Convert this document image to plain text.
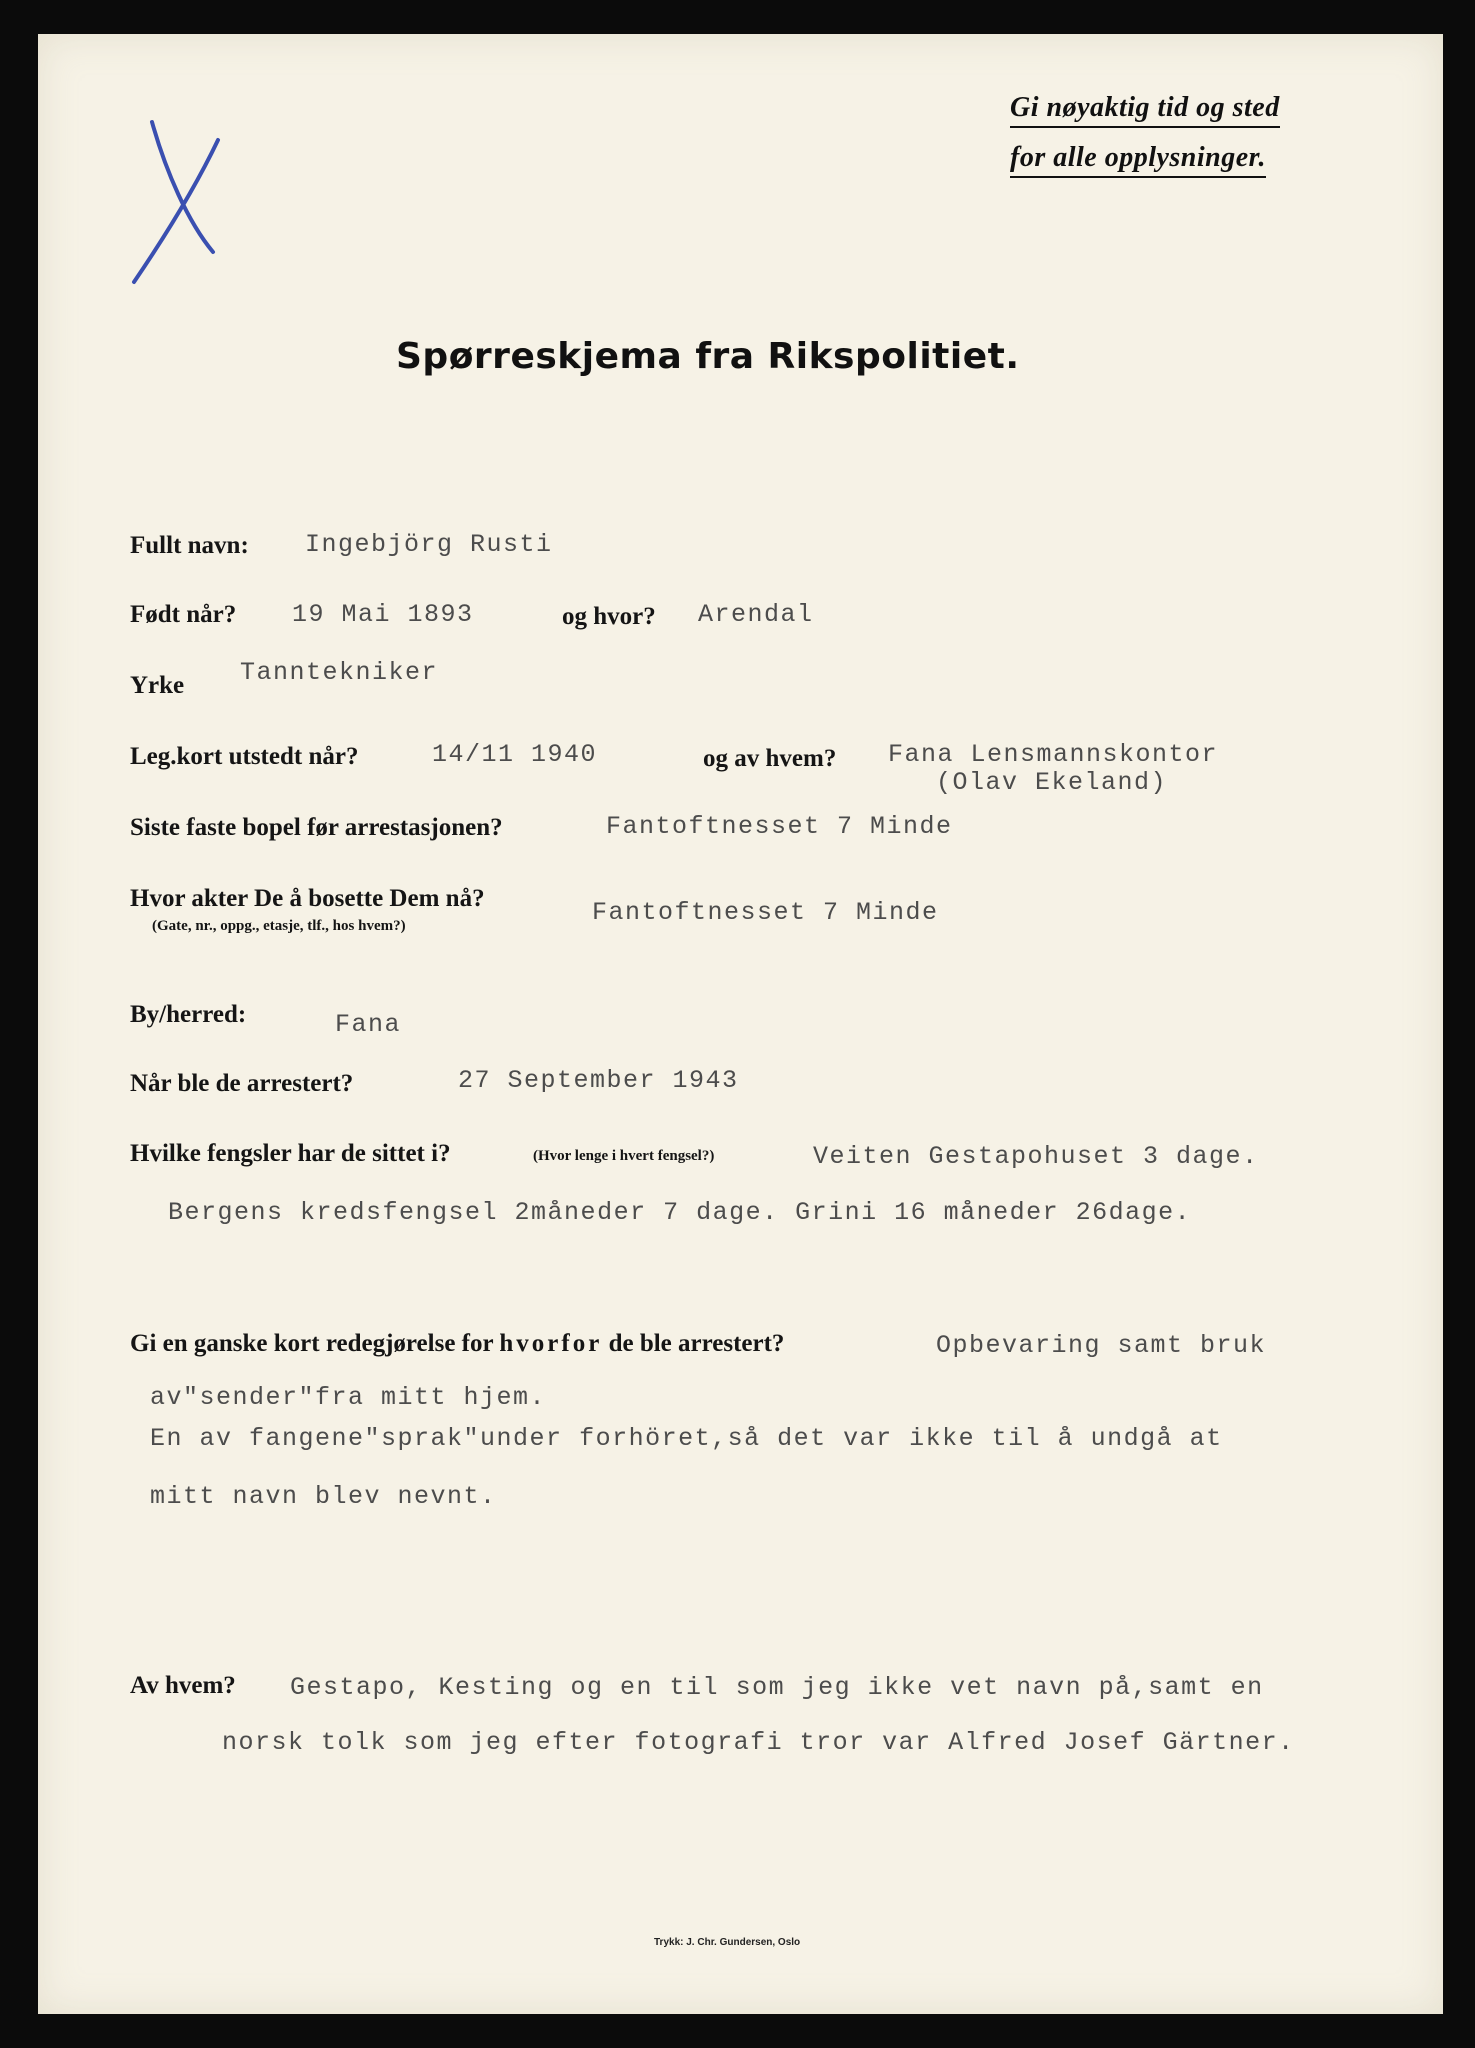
Gi nøyaktig tid og sted
for alle opplysninger.
Spørreskjema fra Rikspolitiet.
Fullt navn: Ingebjörg Rusti
Født når? 19 Mai 1893	og hvor? Arendal
Yrke Tannteknike​r
Leg.kort utstedt når?	14/11 1940	og av hvem? Fana Lensmannskontor
(Olav Ekeland)
Siste faste bopel før arrestasjonen?	Fantoftnesset 7 Minde
Hvor akter De å bosette Dem nå?
(Gate, nr., oppg., etasje, tlf., hos hvem?)	Fantoftnesset 7 Minde
By/herred:	Fana
Når ble de arrestert?	27 September 1943
Hvilke fengsler har de sittet i?	(Hvor lenge i hvert fengsel?)	Veiten Gestapohuset 3 dage.
Bergens kredsfengsel 2måneder 7 dage. Grini 16 måneder 26dage.
Gi en ganske kort redegjørelse for hvorfor de ble arrestert?	Opbevaring samt bruk
av"sender"fra mitt hjem.
En av fangene"sprak"under forhöret,så det var ikke til å undgå at
mitt navn blev nevnt.
Av hvem? Gestapo, Kesting og en til som jeg ikke vet navn på,samt en
norsk tolk som jeg efter fotografi tror var Alfred Josef Gärtner.
Trykk: J. Chr. Gundersen, Oslo
